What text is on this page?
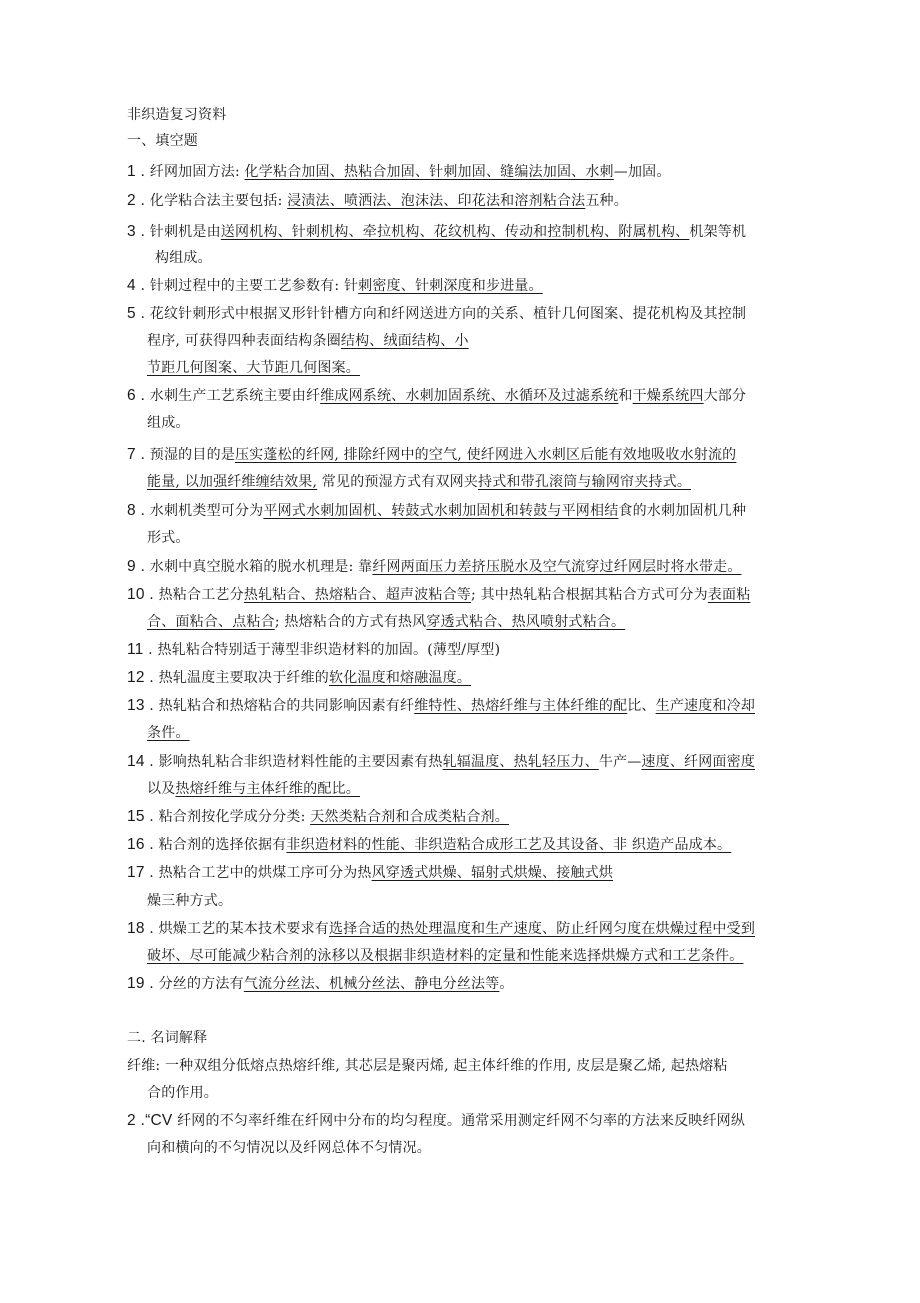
非织造复习资料
一、填空题
1 . 纤网加固方法: 化学粘合加固、热粘合加固、针刺加固、缝编法加固、水刺—加固。
2 . 化学粘合法主要包括: 浸渍法、喷洒法、泡沫法、印花法和溶剂粘合法五种。
3 . 针刺机是由送网机构、针刺机构、牵拉机构、花纹机构、传动和控制机构、附属机构、机架等机
构组成。
4 . 针刺过程中的主要工艺参数有: 针刺密度、针刺深度和步进量。
5 . 花纹针刺形式中根据叉形针针槽方向和纤网送进方向的关系、植针几何图案、提花机构及其控制
程序, 可获得四种表面结构条圈结构、绒面结构、小
节距几何图案、大节距几何图案。
6 . 水刺生产工艺系统主要由纤维成网系统、水刺加固系统、水循环及过滤系统和干燥系统四大部分
组成。
7 . 预湿的目的是压实蓬松的纤网, 排除纤网中的空气, 使纤网进入水刺区后能有效地吸收水射流的
能量, 以加强纤维缠结效果, 常见的预湿方式有双网夹持式和带孔滚筒与输网帘夹持式。
8 . 水刺机类型可分为平网式水刺加固机、转鼓式水刺加固机和转鼓与平网相结食的水刺加固机几种
形式。
9 . 水刺中真空脱水箱的脱水机理是: 靠纤网两面压力差挤压脱水及空气流穿过纤网层时将水带走。
10 . 热粘合工艺分热轧粘合、热熔粘合、超声波粘合等; 其中热轧粘合根据其粘合方式可分为表面粘
合、面粘合、点粘合; 热熔粘合的方式有热风穿透式粘合、热风喷射式粘合。
11 . 热轧粘合特别适于薄型非织造材料的加固。(薄型/厚型)
12 . 热轧温度主要取决于纤维的软化温度和熔融温度。
13 . 热轧粘合和热熔粘合的共同影响因素有纤维特性、热熔纤维与主体纤维的配比、生产速度和冷却
条件。
14 . 影响热轧粘合非织造材料性能的主要因素有热轧辐温度、热轧轻压力、牛产—速度、纤网面密度
以及热熔纤维与主体纤维的配比。
15 . 粘合剂按化学成分分类: 天然类粘合剂和合成类粘合剂。
16 . 粘合剂的选择依据有非织造材料的性能、非织造粘合成形工艺及其设备、非 织造产品成本。
17 . 热粘合工艺中的烘煤工序可分为热风穿透式烘燥、辐射式烘燥、接触式烘
燥三种方式。
18 . 烘燥工艺的某本技术要求有选择合适的热处理温度和生产速度、防止纤网匀度在烘燥过程中受到
破坏、尽可能减少粘合剂的泳移以及根据非织造材料的定量和性能来选择烘燥方式和工艺条件。
19 . 分丝的方法有气流分丝法、机械分丝法、静电分丝法等。
二. 名词解释
纤维: 一种双组分低熔点热熔纤维, 其芯层是聚丙烯, 起主体纤维的作用, 皮层是聚乙烯, 起热熔粘
合的作用。
2 .“CV 纤网的不匀率纤维在纤网中分布的均匀程度。通常采用测定纤网不匀率的方法来反映纤网纵
向和横向的不匀情况以及纤网总体不匀情况。
